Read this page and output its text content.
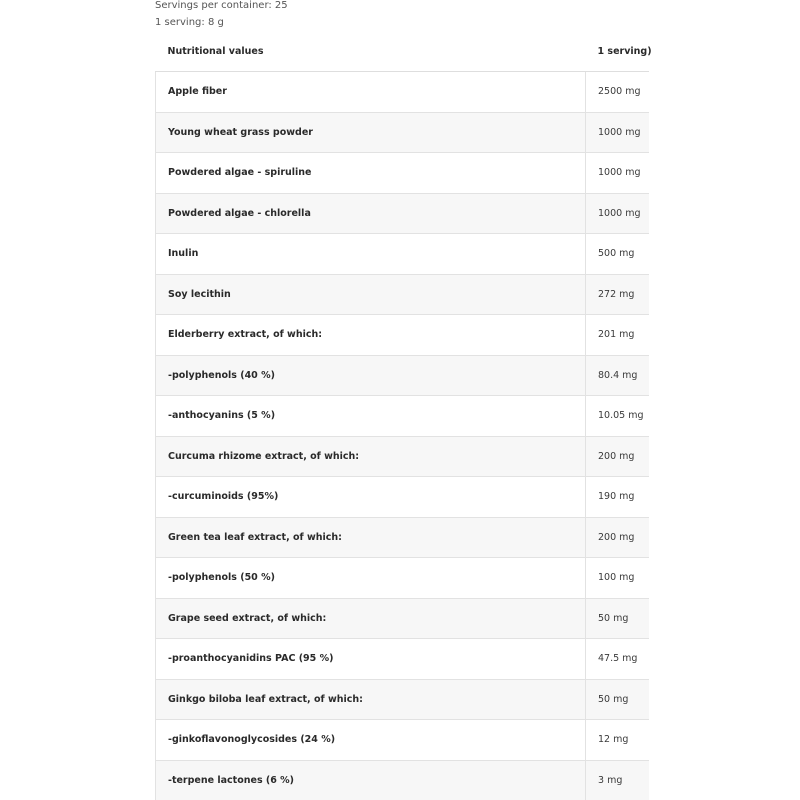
Servings per container: 25
1 serving: 8 g
Nutritional values	1 serving)
Apple fiber	2500 mg
Young wheat grass powder	1000 mg
Powdered algae - spiruline	1000 mg
Powdered algae - chlorella	1000 mg
Inulin	500 mg
Soy lecithin	272 mg
Elderberry extract, of which:	201 mg
-polyphenols (40 %)	80.4 mg
-anthocyanins (5 %)	10.05 mg
Curcuma rhizome extract, of which:	200 mg
-curcuminoids (95%)	190 mg
Green tea leaf extract, of which:	200 mg
-polyphenols (50 %)	100 mg
Grape seed extract, of which:	50 mg
-proanthocyanidins PAC (95 %)	47.5 mg
Ginkgo biloba leaf extract, of which:	50 mg
-ginkoflavonoglycosides (24 %)	12 mg
-terpene lactones (6 %)	3 mg
